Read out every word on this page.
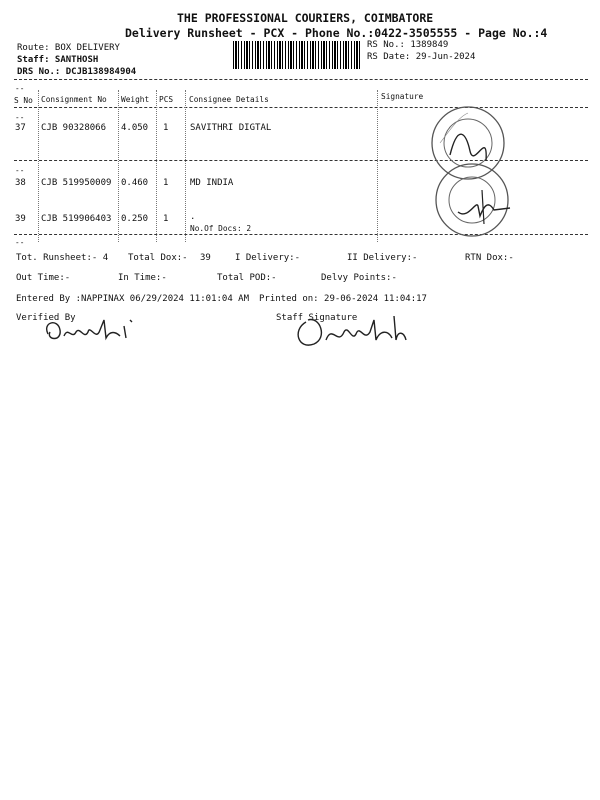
THE PROFESSIONAL COURIERS, COIMBATORE
Delivery Runsheet - PCX - Phone No.:0422-3505555 - Page No.:4
Route: BOX DELIVERY
Staff: SANTHOSH
DRS No.: DCJB138984904
RS No.: 1389849
RS Date: 29-Jun-2024
--
S No Consignment No Weight PCS Consignee Details	Signature
--
37 CJB 90328066 4.050 1 SAVITHRI DIGTAL
--
38 CJB 519950009 0.460 1 MD INDIA
39 CJB 519906403 0.250 1 .
No.Of Docs: 2
--
Tot. Runsheet:- 4 Total Dox:- 39	I Delivery:-	II Delivery:-	RTN Dox:-
Out Time:-	In Time:-	Total POD:-	Delvy Points:-
Entered By :NAPPINAX 06/29/2024 11:01:04 AM Printed on: 29-06-2024 11:04:17
Verified By	Staff Signature
